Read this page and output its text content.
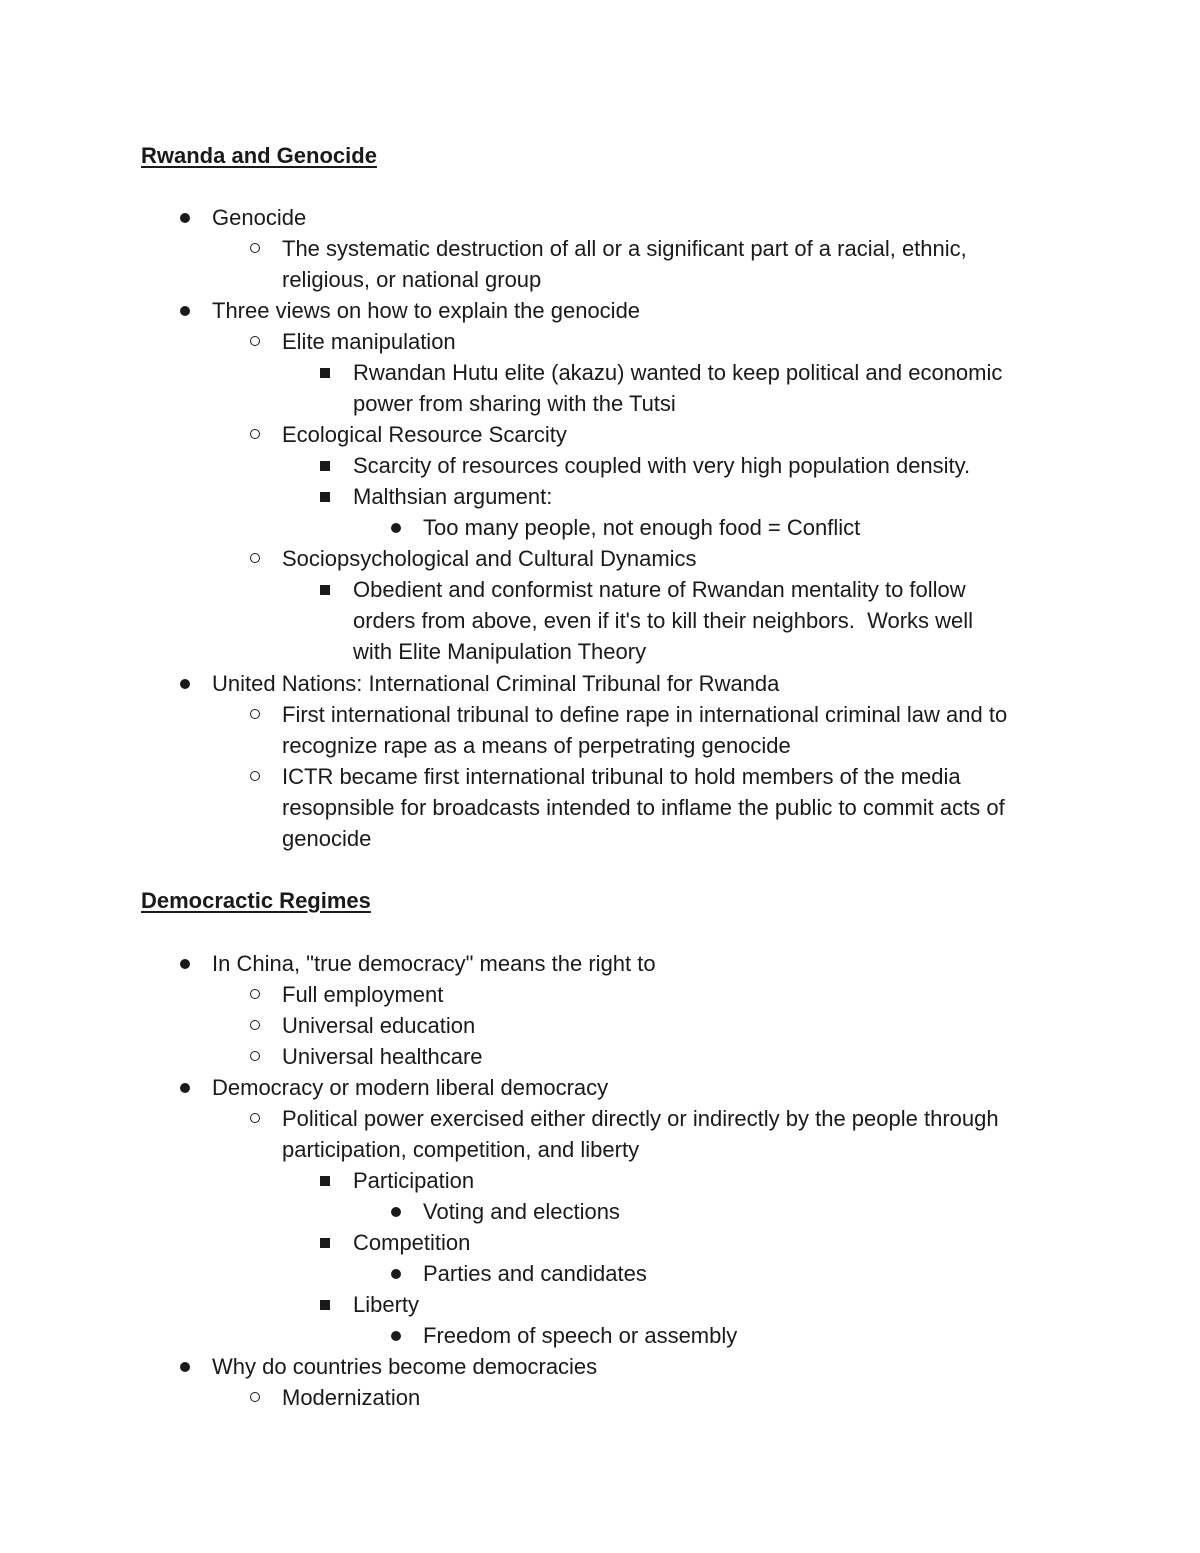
Rwanda and Genocide
Genocide
The systematic destruction of all or a significant part of a racial, ethnic,
religious, or national group
Three views on how to explain the genocide
Elite manipulation
Rwandan Hutu elite (akazu) wanted to keep political and economic
power from sharing with the Tutsi
Ecological Resource Scarcity
Scarcity of resources coupled with very high population density.
Malthsian argument:
Too many people, not enough food = Conflict
Sociopsychological and Cultural Dynamics
Obedient and conformist nature of Rwandan mentality to follow
orders from above, even if it's to kill their neighbors.  Works well
with Elite Manipulation Theory
United Nations: International Criminal Tribunal for Rwanda
First international tribunal to define rape in international criminal law and to
recognize rape as a means of perpetrating genocide
ICTR became first international tribunal to hold members of the media
resopnsible for broadcasts intended to inflame the public to commit acts of
genocide
Democractic Regimes
In China, "true democracy" means the right to
Full employment
Universal education
Universal healthcare
Democracy or modern liberal democracy
Political power exercised either directly or indirectly by the people through
participation, competition, and liberty
Participation
Voting and elections
Competition
Parties and candidates
Liberty
Freedom of speech or assembly
Why do countries become democracies
Modernization
